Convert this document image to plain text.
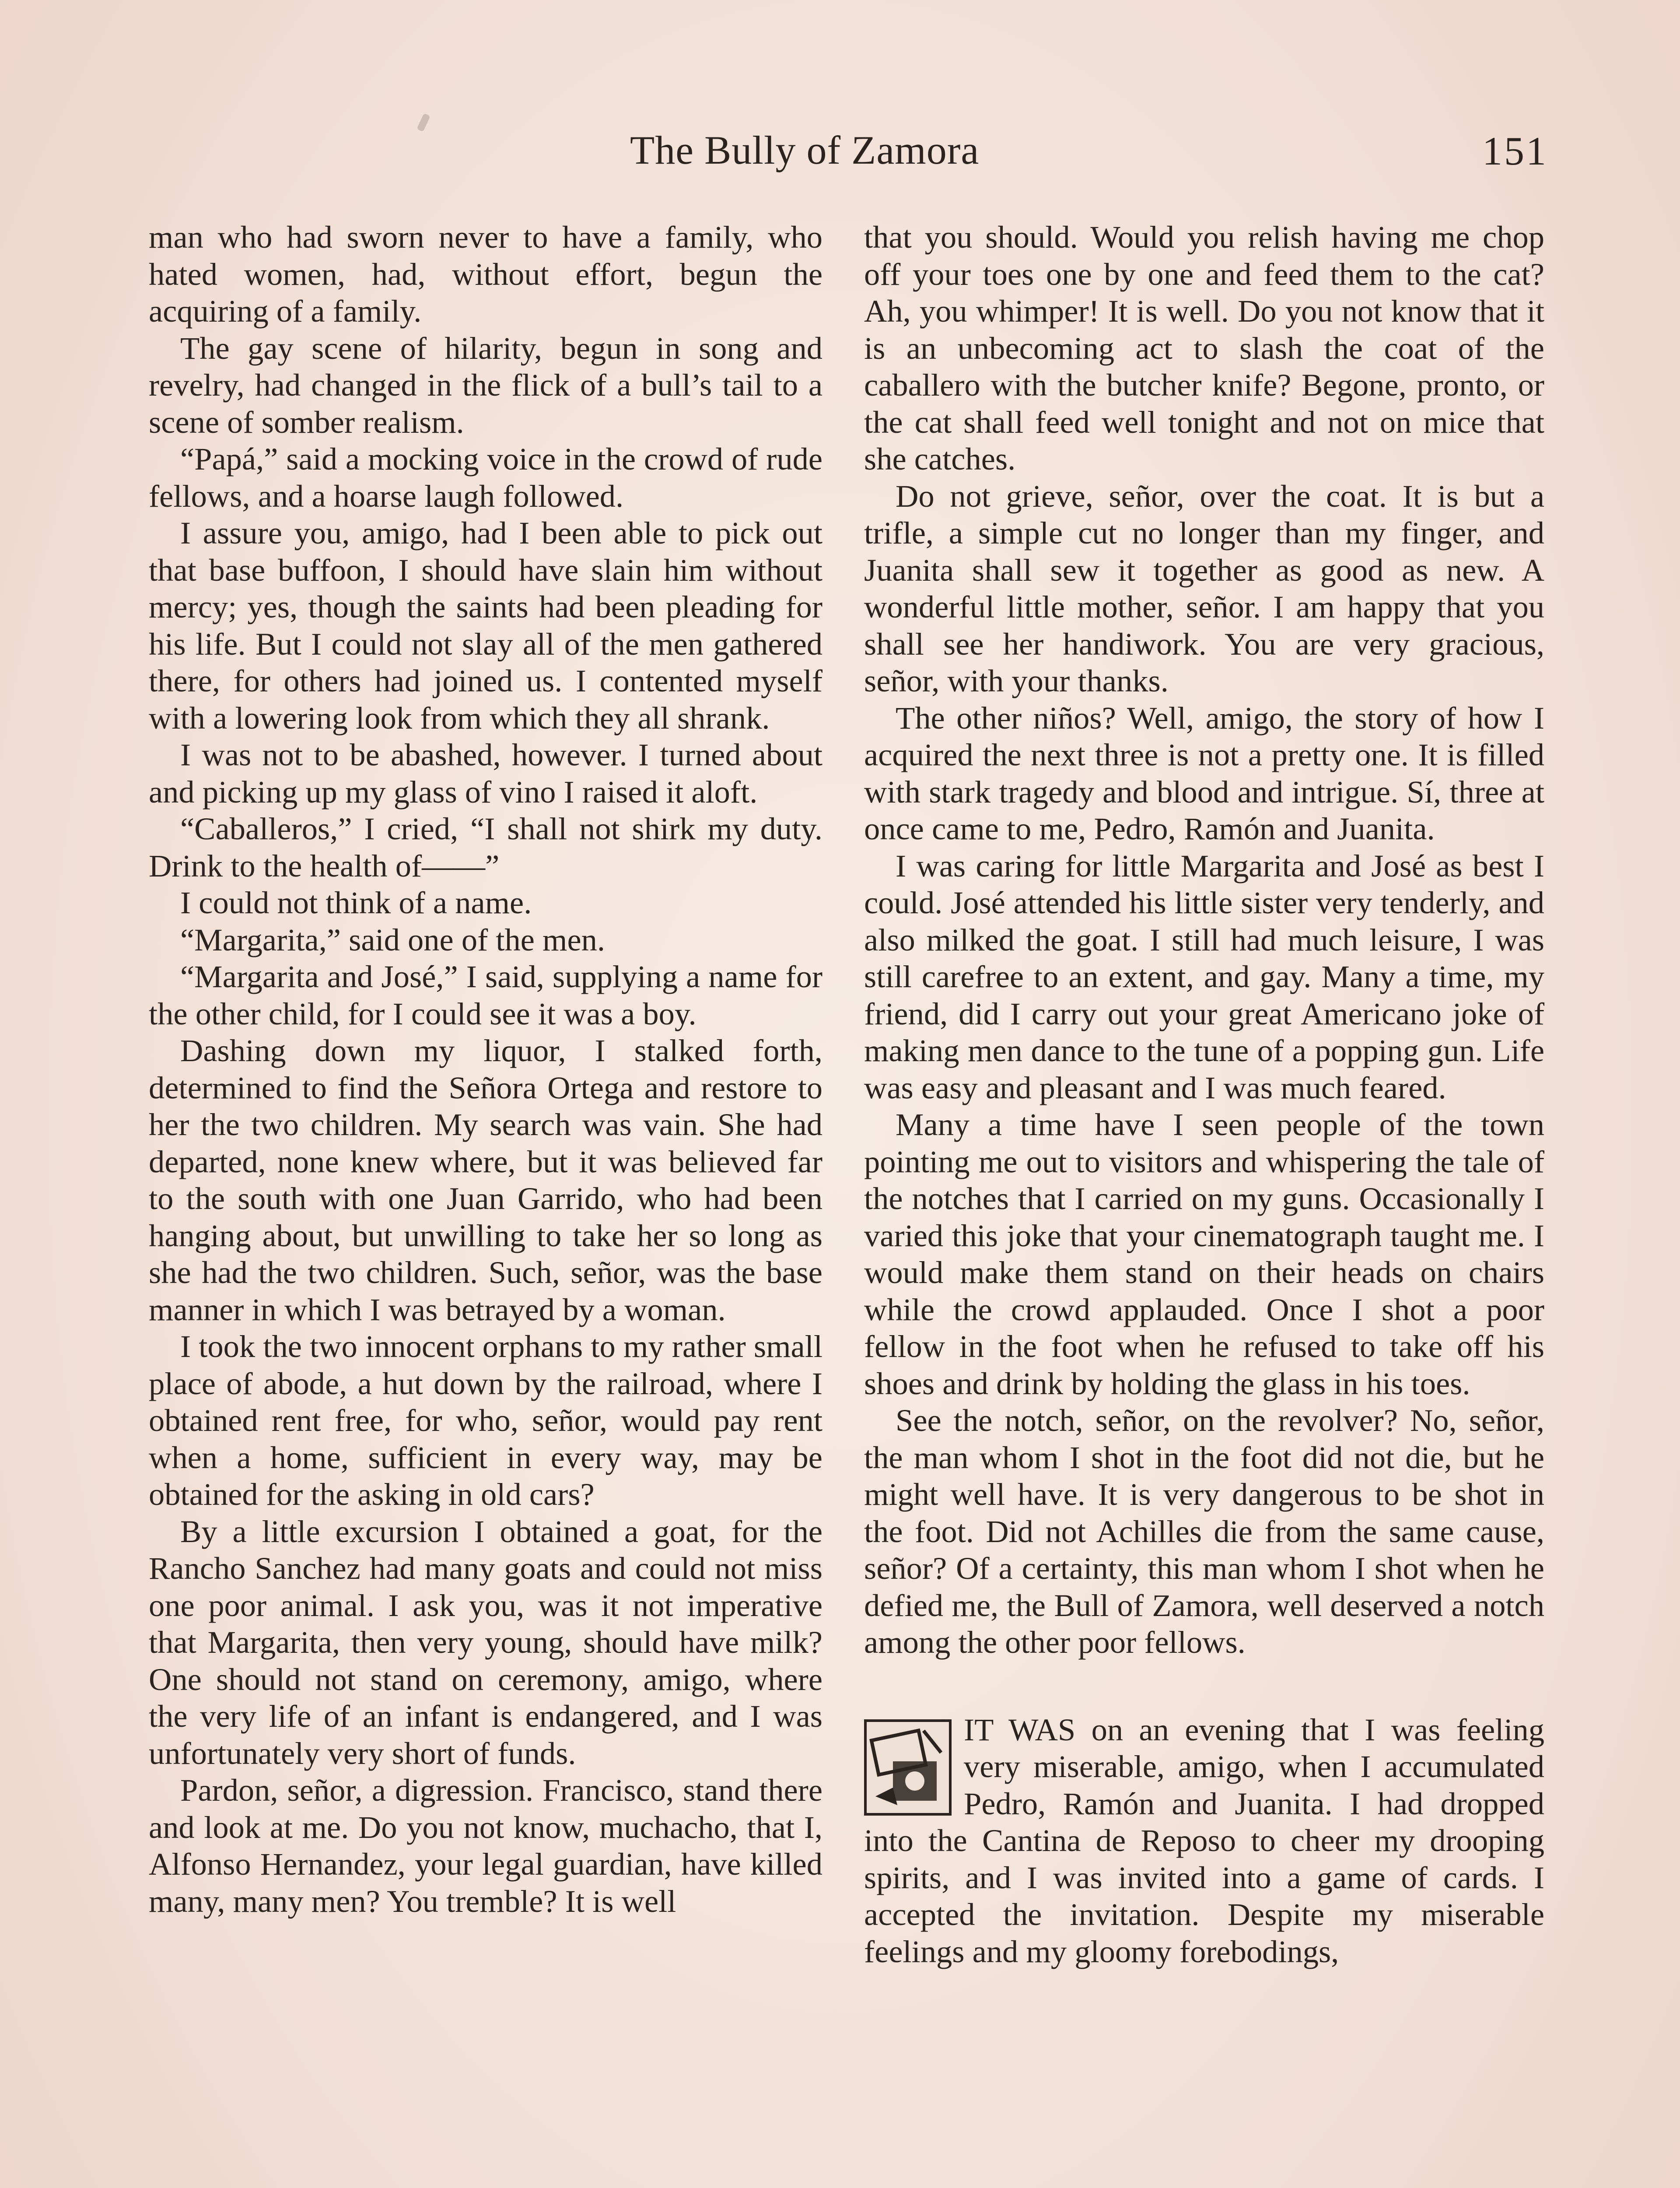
The Bully of Zamora	151

man who had sworn never to have a family, who hated women, had, without effort, begun the acquiring of a family.

The gay scene of hilarity, begun in song and revelry, had changed in the flick of a bull’s tail to a scene of somber realism.

“Papá,” said a mocking voice in the crowd of rude fellows, and a hoarse laugh followed.

I assure you, amigo, had I been able to pick out that base buffoon, I should have slain him without mercy; yes, though the saints had been pleading for his life. But I could not slay all of the men gathered there, for others had joined us. I contented myself with a lowering look from which they all shrank.

I was not to be abashed, however. I turned about and picking up my glass of vino I raised it aloft.

“Caballeros,” I cried, “I shall not shirk my duty. Drink to the health of——”

I could not think of a name.

“Margarita,” said one of the men.

“Margarita and José,” I said, supplying a name for the other child, for I could see it was a boy.

Dashing down my liquor, I stalked forth, determined to find the Señora Ortega and restore to her the two children. My search was vain. She had departed, none knew where, but it was believed far to the south with one Juan Garrido, who had been hanging about, but unwilling to take her so long as she had the two children. Such, señor, was the base manner in which I was betrayed by a woman.

I took the two innocent orphans to my rather small place of abode, a hut down by the railroad, where I obtained rent free, for who, señor, would pay rent when a home, sufficient in every way, may be obtained for the asking in old cars?

By a little excursion I obtained a goat, for the Rancho Sanchez had many goats and could not miss one poor animal. I ask you, was it not imperative that Margarita, then very young, should have milk? One should not stand on ceremony, amigo, where the very life of an infant is endangered, and I was unfortunately very short of funds.

Pardon, señor, a digression. Francisco, stand there and look at me. Do you not know, muchacho, that I, Alfonso Hernandez, your legal guardian, have killed many, many men? You tremble? It is well

that you should. Would you relish having me chop off your toes one by one and feed them to the cat? Ah, you whimper! It is well. Do you not know that it is an unbecoming act to slash the coat of the caballero with the butcher knife? Begone, pronto, or the cat shall feed well tonight and not on mice that she catches.

Do not grieve, señor, over the coat. It is but a trifle, a simple cut no longer than my finger, and Juanita shall sew it together as good as new. A wonderful little mother, señor. I am happy that you shall see her handiwork. You are very gracious, señor, with your thanks.

The other niños? Well, amigo, the story of how I acquired the next three is not a pretty one. It is filled with stark tragedy and blood and intrigue. Sí, three at once came to me, Pedro, Ramón and Juanita.

I was caring for little Margarita and José as best I could. José attended his little sister very tenderly, and also milked the goat. I still had much leisure, I was still carefree to an extent, and gay. Many a time, my friend, did I carry out your great Americano joke of making men dance to the tune of a popping gun. Life was easy and pleasant and I was much feared.

Many a time have I seen people of the town pointing me out to visitors and whispering the tale of the notches that I carried on my guns. Occasionally I varied this joke that your cinematograph taught me. I would make them stand on their heads on chairs while the crowd applauded. Once I shot a poor fellow in the foot when he refused to take off his shoes and drink by holding the glass in his toes.

See the notch, señor, on the revolver? No, señor, the man whom I shot in the foot did not die, but he might well have. It is very dangerous to be shot in the foot. Did not Achilles die from the same cause, señor? Of a certainty, this man whom I shot when he defied me, the Bull of Zamora, well deserved a notch among the other poor fellows.

IT WAS on an evening that I was feeling very miserable, amigo, when I accumulated Pedro, Ramón and Juanita. I had dropped into the Cantina de Reposo to cheer my drooping spirits, and I was invited into a game of cards. I accepted the invitation. Despite my miserable feelings and my gloomy forebodings,
